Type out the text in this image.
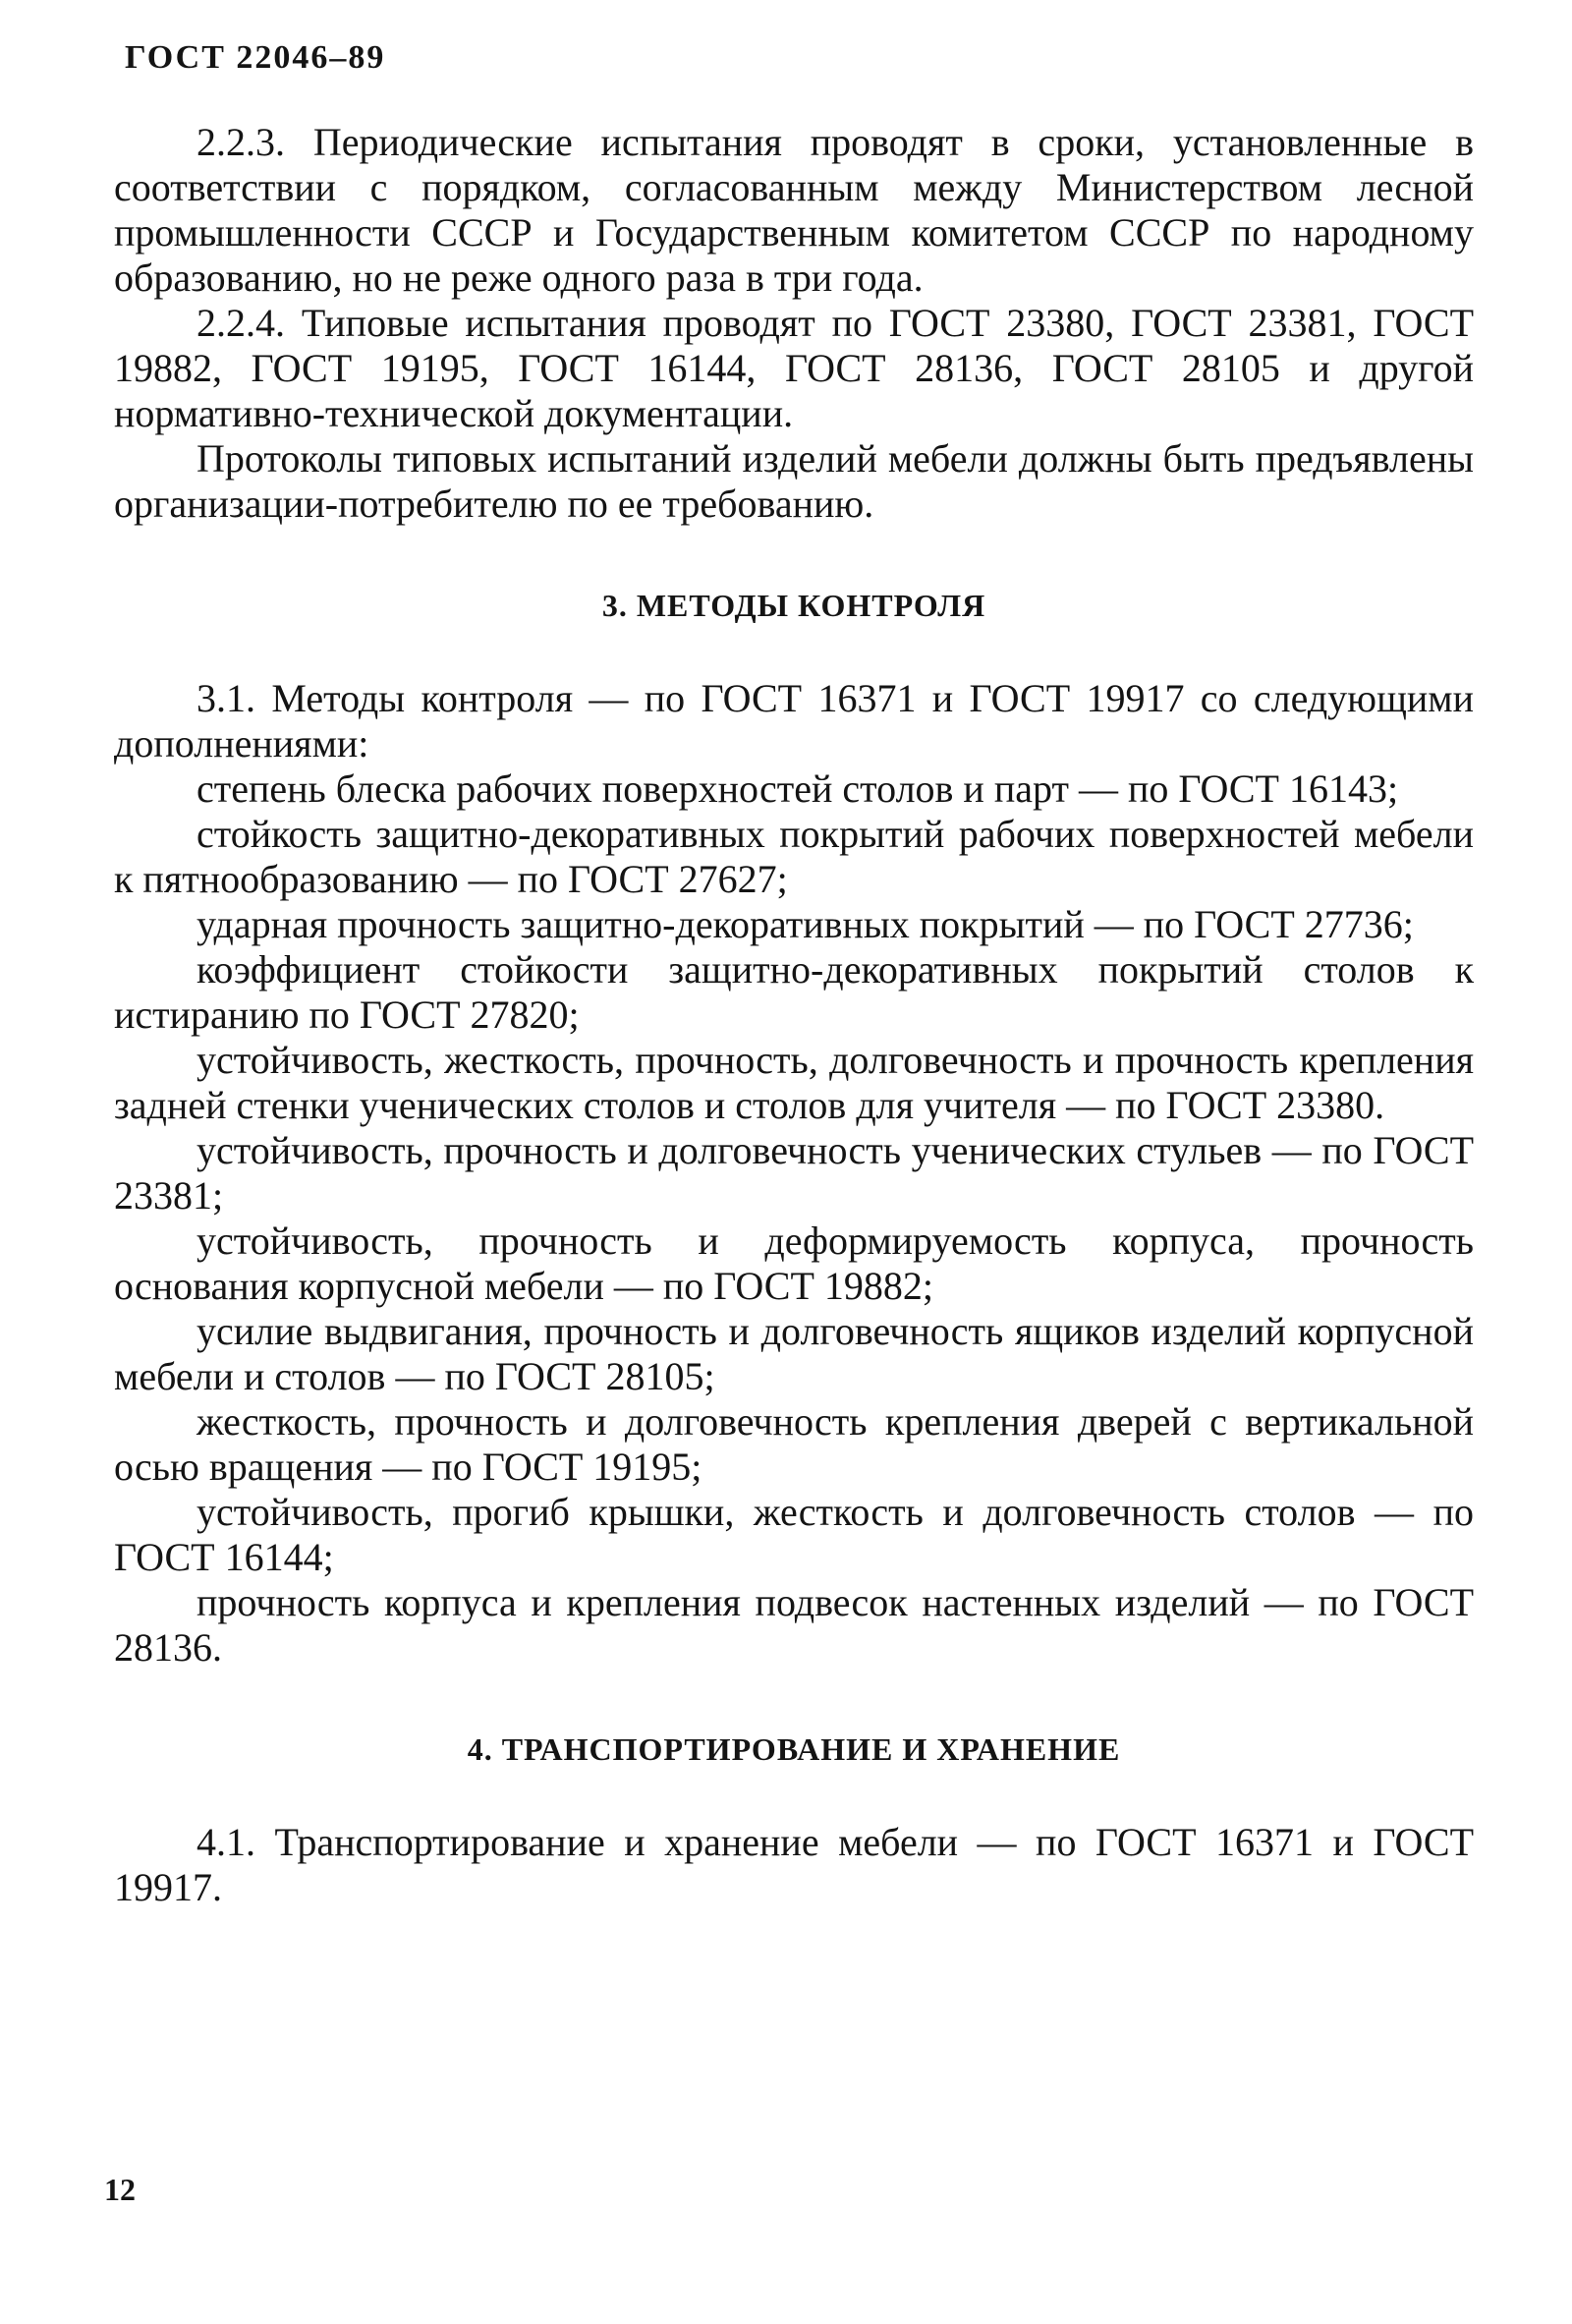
ГОСТ 22046–89

2.2.3. Периодические испытания проводят в сроки, установленные в соответствии с порядком, согласованным между Министерством лесной промышленности СССР и Государственным комитетом СССР по народному образованию, но не реже одного раза в три года.

2.2.4. Типовые испытания проводят по ГОСТ 23380, ГОСТ 23381, ГОСТ 19882, ГОСТ 19195, ГОСТ 16144, ГОСТ 28136, ГОСТ 28105 и другой нормативно-технической документации.

Протоколы типовых испытаний изделий мебели должны быть предъявлены организации-потребителю по ее требованию.

3. МЕТОДЫ КОНТРОЛЯ

3.1. Методы контроля — по ГОСТ 16371 и ГОСТ 19917 со следующими дополнениями:

степень блеска рабочих поверхностей столов и парт — по ГОСТ 16143;

стойкость защитно-декоративных покрытий рабочих поверхностей мебели к пятнообразованию — по ГОСТ 27627;

ударная прочность защитно-декоративных покрытий — по ГОСТ 27736;

коэффициент стойкости защитно-декоративных покрытий столов к истиранию по ГОСТ 27820;

устойчивость, жесткость, прочность, долговечность и прочность крепления задней стенки ученических столов и столов для учителя — по ГОСТ 23380.

устойчивость, прочность и долговечность ученических стульев — по ГОСТ 23381;

устойчивость, прочность и деформируемость корпуса, прочность основания корпусной мебели — по ГОСТ 19882;

усилие выдвигания, прочность и долговечность ящиков изделий корпусной мебели и столов — по ГОСТ 28105;

жесткость, прочность и долговечность крепления дверей с вертикальной осью вращения — по ГОСТ 19195;

устойчивость, прогиб крышки, жесткость и долговечность столов — по ГОСТ 16144;

прочность корпуса и крепления подвесок настенных изделий — по ГОСТ 28136.

4. ТРАНСПОРТИРОВАНИЕ И ХРАНЕНИЕ

4.1. Транспортирование и хранение мебели — по ГОСТ 16371 и ГОСТ 19917.

12
